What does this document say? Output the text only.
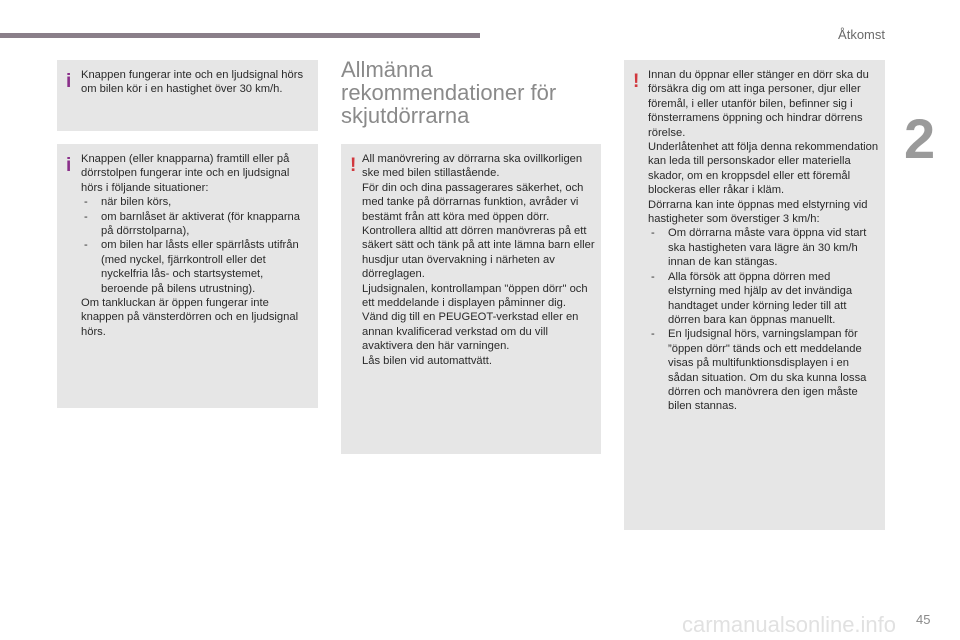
Åtkomst
2
i Knappen fungerar inte och en ljudsignal hörs om bilen kör i en hastighet över 30 km/h.

i Knappen (eller knapparna) framtill eller på dörrstolpen fungerar inte och en ljudsignal hörs i följande situationer:

- när bilen körs,
- om barnlåset är aktiverat (för knapparna på dörrstolparna),
- om bilen har låsts eller spärrlåsts utifrån (med nyckel, fjärrkontroll eller det nyckelfria lås- och startsystemet, beroende på bilens utrustning).

Om tankluckan är öppen fungerar inte knappen på vänsterdörren och en ljudsignal hörs.

Allmänna rekommendationer för skjutdörrarna
! All manövrering av dörrarna ska ovillkorligen ske med bilen stillastående.

För din och dina passagerares säkerhet, och med tanke på dörrarnas funktion, avråder vi bestämt från att köra med öppen dörr.

Kontrollera alltid att dörren manövreras på ett säkert sätt och tänk på att inte lämna barn eller husdjur utan övervakning i närheten av dörreglagen.

Ljudsignalen, kontrollampan "öppen dörr" och ett meddelande i displayen påminner dig. Vänd dig till en PEUGEOT-verkstad eller en annan kvalificerad verkstad om du vill avaktivera den här varningen.

Lås bilen vid automattvätt.

! Innan du öppnar eller stänger en dörr ska du försäkra dig om att inga personer, djur eller föremål, i eller utanför bilen, befinner sig i fönsterramens öppning och hindrar dörrens rörelse.

Underlåtenhet att följa denna rekommendation kan leda till personskador eller materiella skador, om en kroppsdel eller ett föremål blockeras eller råkar i kläm.

Dörrarna kan inte öppnas med elstyrning vid hastigheter som överstiger 3 km/h:

- Om dörrarna måste vara öppna vid start ska hastigheten vara lägre än 30 km/h innan de kan stängas.
- Alla försök att öppna dörren med elstyrning med hjälp av det invändiga handtaget under körning leder till att dörren bara kan öppnas manuellt.
- En ljudsignal hörs, varningslampan för ”öppen dörr" tänds och ett meddelande visas på multifunktionsdisplayen i en sådan situation. Om du ska kunna lossa dörren och manövrera den igen måste bilen stannas.
carmanualsonline.info 45
